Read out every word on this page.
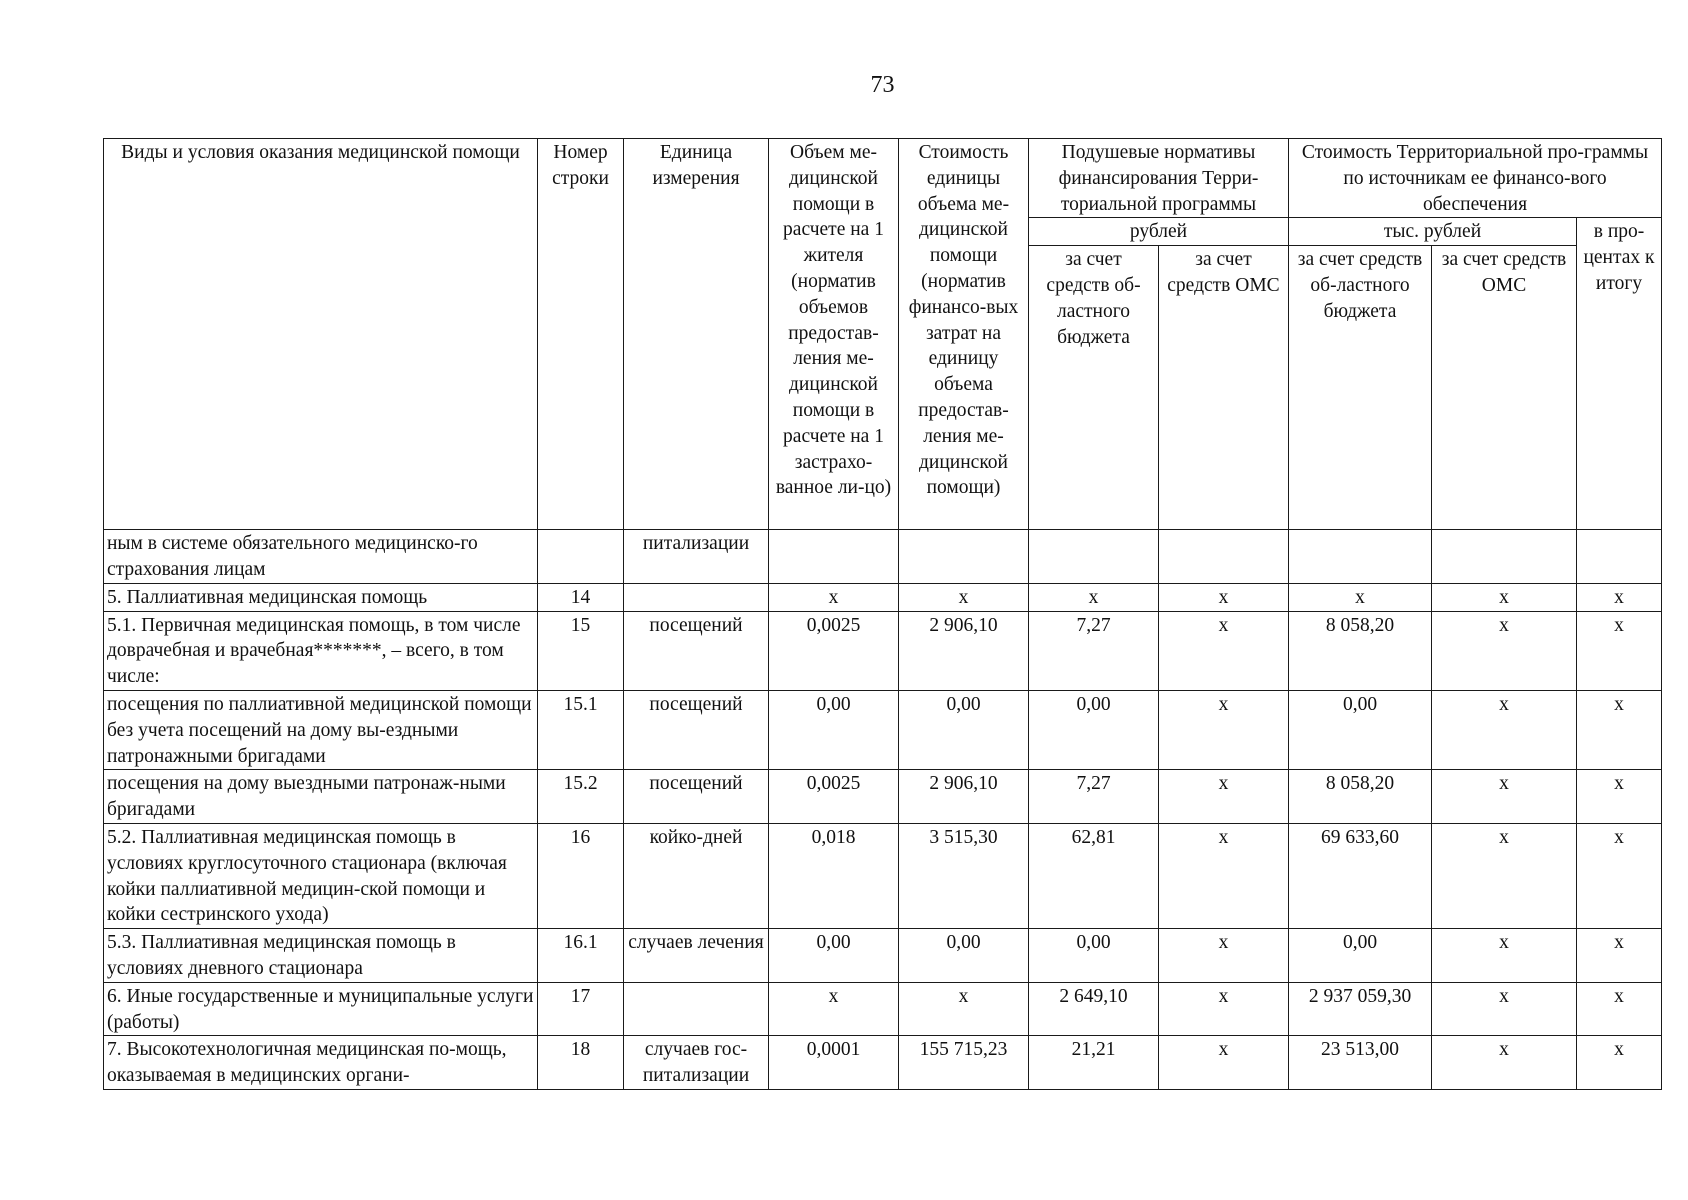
73
Виды и условия оказания медицинской помощи	Номер строки	Единица измерения	Объем ме-дицинской помощи в расчете на 1 жителя (норматив объемов предостав-ления ме-дицинской помощи в расчете на 1 застрахо-ванное ли-цо)	Стоимость единицы объема ме-дицинской помощи (норматив финансо-вых затрат на единицу объема предостав-ления ме-дицинской помощи)	Подушевые нормативы финансирования Терри-ториальной программы		Стоимость Территориальной про-граммы по источникам ее финансо-вого обеспечения		
					рублей		тыс. рублей		в про-центах к итогу
					за счет средств об-ластного бюджета	за счет средств ОМС	за счет средств об-ластного бюджета	за счет средств ОМС	

ным в системе обязательного медицинско-го страхования лицам		питализации							
5. Паллиативная медицинская помощь	14		х	х	х	х	х	х	х
5.1. Первичная медицинская помощь, в том числе доврачебная и врачебная*******, – всего, в том числе:	15	посещений	0,0025	2 906,10	7,27	х	8 058,20	х	х
посещения по паллиативной медицинской помощи без учета посещений на дому вы-ездными патронажными бригадами	15.1	посещений	0,00	0,00	0,00	х	0,00	х	х
посещения на дому выездными патронаж-ными бригадами	15.2	посещений	0,0025	2 906,10	7,27	х	8 058,20	х	х
5.2. Паллиативная медицинская помощь в условиях круглосуточного стационара (включая койки паллиативной медицин-ской помощи и койки сестринского ухода)	16	койко-дней	0,018	3 515,30	62,81	х	69 633,60	х	х
5.3. Паллиативная медицинская помощь в условиях дневного стационара	16.1	случаев лечения	0,00	0,00	0,00	х	0,00	х	х
6. Иные государственные и муниципальные услуги (работы)	17		х	х	2 649,10	х	2 937 059,30	х	х
7. Высокотехнологичная медицинская по-мощь, оказываемая в медицинских органи-	18	случаев гос-питализации	0,0001	155 715,23	21,21	х	23 513,00	х	х
